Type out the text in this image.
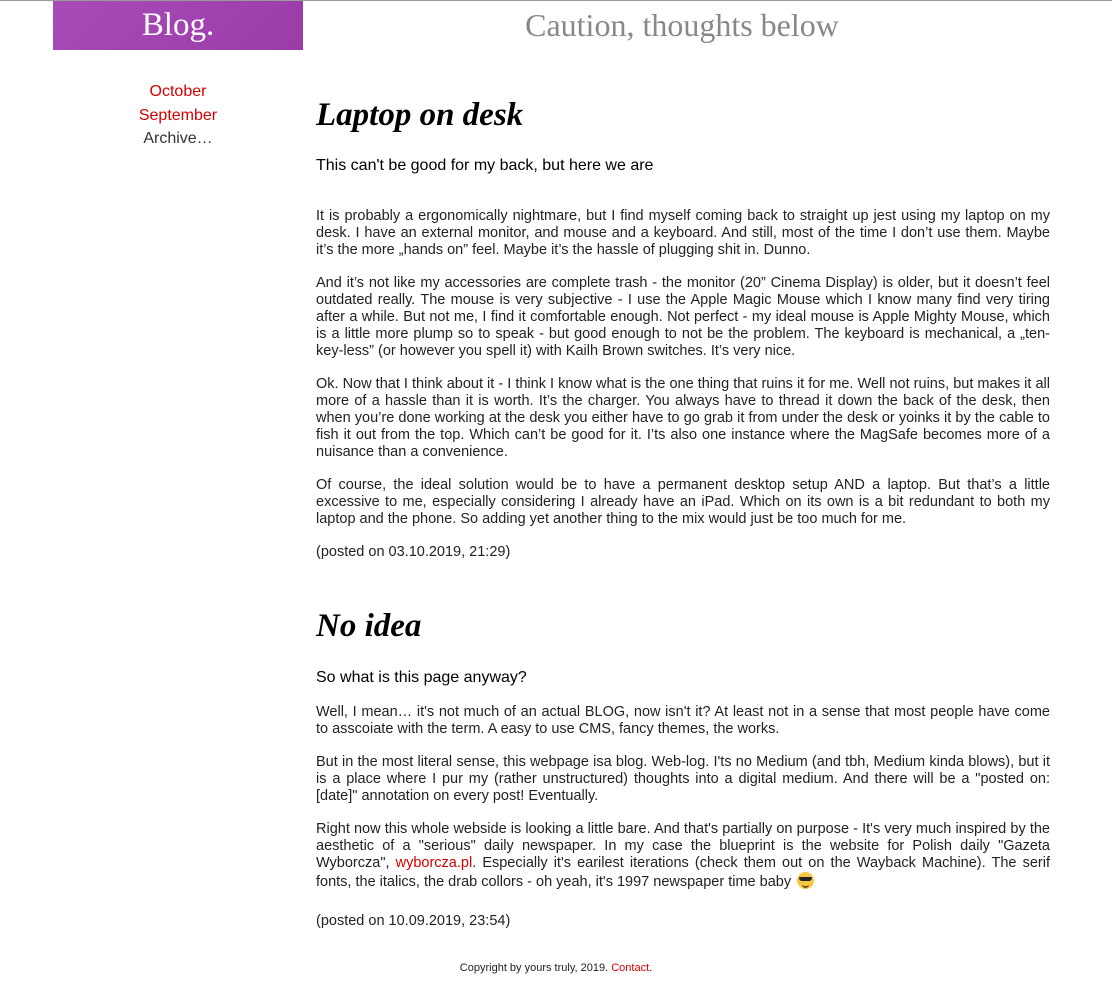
Blog.	Caution, thoughts below
October
September
Archive…
Laptop on desk

This can't be good for my back, but here we are

It is probably a ergonomically nightmare, but I find myself coming back to straight up jest using my laptop on my desk. I have an external monitor, and mouse and a keyboard. And still, most of the time I don’t use them. Maybe it’s the more „hands on” feel. Maybe it’s the hassle of plugging shit in. Dunno.

And it’s not like my accessories are complete trash - the monitor (20” Cinema Display) is older, but it doesn’t feel outdated really. The mouse is very subjective - I use the Apple Magic Mouse which I know many find very tiring after a while. But not me, I find it comfortable enough. Not perfect - my ideal mouse is Apple Mighty Mouse, which is a little more plump so to speak - but good enough to not be the problem. The keyboard is mechanical, a „ten-key-less” (or however you spell it) with Kailh Brown switches. It’s very nice.

Ok. Now that I think about it - I think I know what is the one thing that ruins it for me. Well not ruins, but makes it all more of a hassle than it is worth. It’s the charger. You always have to thread it down the back of the desk, then when you’re done working at the desk you either have to go grab it from under the desk or yoinks it by the cable to fish it out from the top. Which can’t be good for it. I’ts also one instance where the MagSafe becomes more of a nuisance than a convenience.

Of course, the ideal solution would be to have a permanent desktop setup AND a laptop. But that’s a little excessive to me, especially considering I already have an iPad. Which on its own is a bit redundant to both my laptop and the phone. So adding yet another thing to the mix would just be too much for me.

(posted on 03.10.2019, 21:29)

No idea

So what is this page anyway?

Well, I mean… it's not much of an actual BLOG, now isn't it? At least not in a sense that most people have come to asscoiate with the term. A easy to use CMS, fancy themes, the works.

But in the most literal sense, this webpage isa blog. Web-log. I'ts no Medium (and tbh, Medium kinda blows), but it is a place where I pur my (rather unstructured) thoughts into a digital medium. And there will be a "posted on: [date]" annotation on every post! Eventually.

Right now this whole webside is looking a little bare. And that's partially on purpose - It's very much inspired by the aesthetic of a "serious" daily newspaper. In my case the blueprint is the website for Polish daily "Gazeta Wyborcza", wyborcza.pl. Especially it's earilest iterations (check them out on the Wayback Machine). The serif fonts, the italics, the drab collors - oh yeah, it's 1997 newspaper time baby

(posted on 10.09.2019, 23:54)

Copyright by yours truly, 2019. Contact.
